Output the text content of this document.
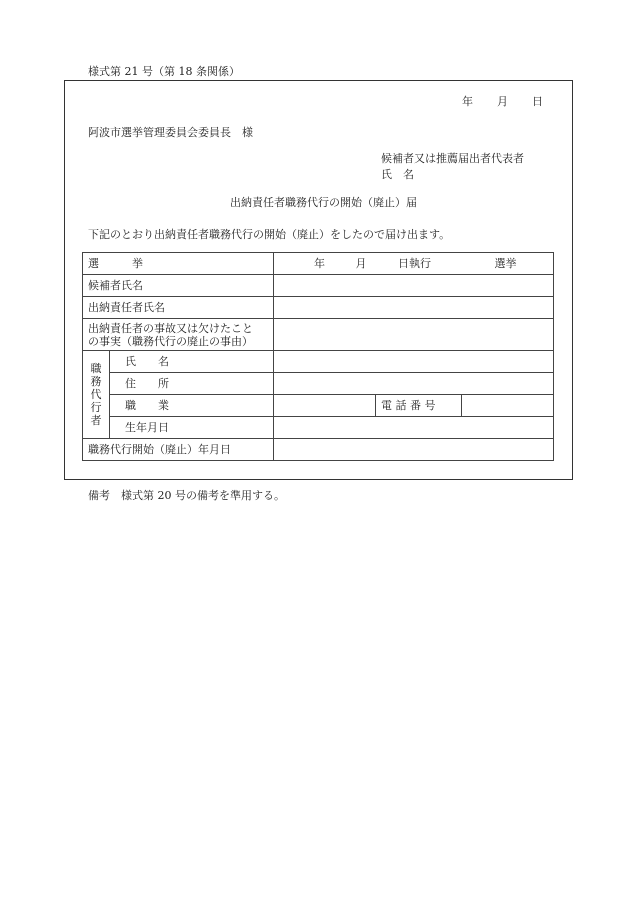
様式第 21 号（第 18 条関係）
年 月 日
阿波市選挙管理委員会委員長　様
候補者又は推薦届出者代表者
氏　名
出納責任者職務代行の開始（廃止）届
下記のとおり出納責任者職務代行の開始（廃止）をしたので届け出ます。
選　　　挙		年 月 日執行 選挙		
候補者氏名				
出納責任者氏名				

出納責任者の事故又は欠けたこと
の事実（職務代行の廃止の事由）				

職
務
代
行
者	氏　　名			
	住　　所			
	職　　業		電 話 番 号	
	生年月日			
職務代行開始（廃止）年月日				
備考　様式第 20 号の備考を準用する。
